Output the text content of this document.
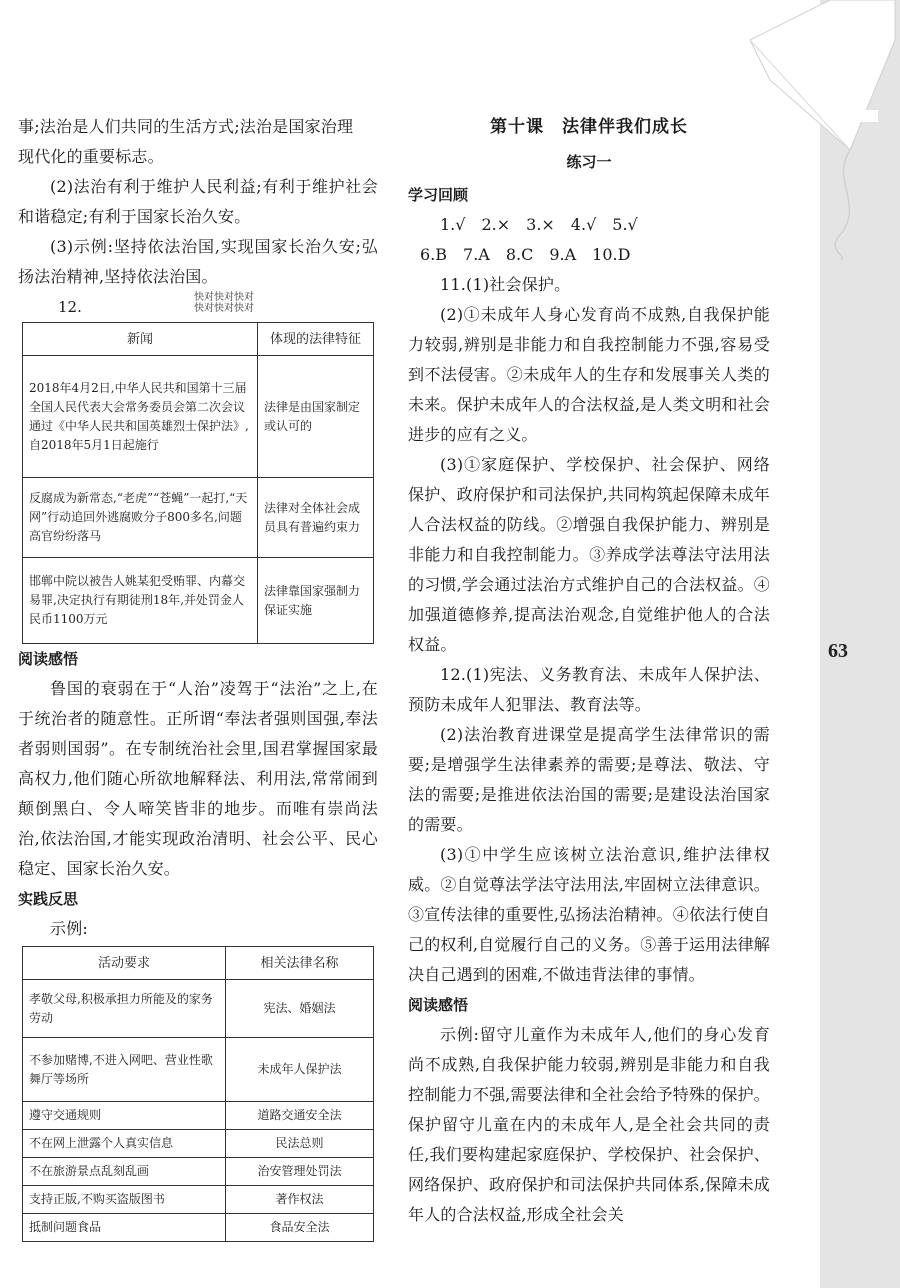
63

事;法治是人们共同的生活方式;法治是国家治理

现代化的重要标志。

(2)法治有利于维护人民利益;有利于维护社会和谐稳定;有利于国家长治久安。

(3)示例:坚持依法治国,实现国家长治久安;弘扬法治精神,坚持依法治国。

12.
快对快对快对
快对快对快对
新闻	体现的法律特征
2018年4月2日,中华人民共和国第十三届全国人民代表大会常务委员会第二次会议通过《中华人民共和国英雄烈士保护法》,自2018年5月1日起施行	法律是由国家制定或认可的
反腐成为新常态,“老虎”“苍蝇”一起打,“天网”行动追回外逃腐败分子800多名,问题高官纷纷落马	法律对全体社会成员具有普遍约束力
邯郸中院以被告人姚某犯受贿罪、内幕交易罪,决定执行有期徒刑18年,并处罚金人民币1100万元	法律靠国家强制力保证实施

阅读感悟

鲁国的衰弱在于“人治”凌驾于“法治”之上,在于统治者的随意性。正所谓“奉法者强则国强,奉法者弱则国弱”。在专制统治社会里,国君掌握国家最高权力,他们随心所欲地解释法、利用法,常常闹到颠倒黑白、令人啼笑皆非的地步。而唯有崇尚法治,依法治国,才能实现政治清明、社会公平、民心稳定、国家长治久安。

实践反思

示例:

活动要求	相关法律名称
孝敬父母,积极承担力所能及的家务劳动	宪法、婚姻法
不参加赌博,不进入网吧、营业性歌舞厅等场所	未成年人保护法
遵守交通规则	道路交通安全法
不在网上泄露个人真实信息	民法总则
不在旅游景点乱刻乱画	治安管理处罚法
支持正版,不购买盗版图书	著作权法
抵制问题食品	食品安全法

第十课　法律伴我们成长

练习一

学习回顾

1.√　2.×　3.×　4.√　5.√

6.B　7.A　8.C　9.A　10.D

11.(1)社会保护。

(2)①未成年人身心发育尚不成熟,自我保护能力较弱,辨别是非能力和自我控制能力不强,容易受到不法侵害。②未成年人的生存和发展事关人类的未来。保护未成年人的合法权益,是人类文明和社会进步的应有之义。

(3)①家庭保护、学校保护、社会保护、网络保护、政府保护和司法保护,共同构筑起保障未成年人合法权益的防线。②增强自我保护能力、辨别是非能力和自我控制能力。③养成学法尊法守法用法的习惯,学会通过法治方式维护自己的合法权益。④加强道德修养,提高法治观念,自觉维护他人的合法权益。

12.(1)宪法、义务教育法、未成年人保护法、预防未成年人犯罪法、教育法等。

(2)法治教育进课堂是提高学生法律常识的需要;是增强学生法律素养的需要;是尊法、敬法、守法的需要;是推进依法治国的需要;是建设法治国家的需要。

(3)①中学生应该树立法治意识,维护法律权威。②自觉尊法学法守法用法,牢固树立法律意识。③宣传法律的重要性,弘扬法治精神。④依法行使自己的权利,自觉履行自己的义务。⑤善于运用法律解决自己遇到的困难,不做违背法律的事情。

阅读感悟

示例:留守儿童作为未成年人,他们的身心发育尚不成熟,自我保护能力较弱,辨别是非能力和自我控制能力不强,需要法律和全社会给予特殊的保护。保护留守儿童在内的未成年人,是全社会共同的责任,我们要构建起家庭保护、学校保护、社会保护、网络保护、政府保护和司法保护共同体系,保障未成年人的合法权益,形成全社会关
